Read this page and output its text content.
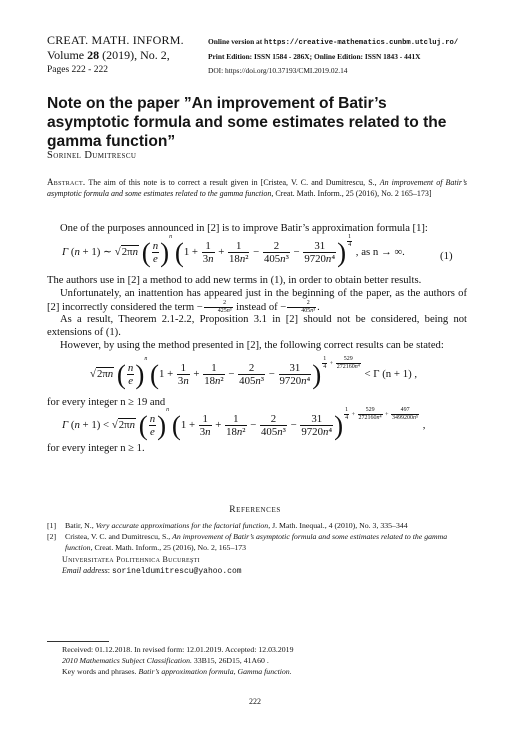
CREAT. MATH. INFORM.
Volume 28 (2019), No. 2,
Pages 222 - 222
Online version at https://creative-mathematics.cunbm.utcluj.ro/
Print Edition: ISSN 1584 - 286X; Online Edition: ISSN 1843 - 441X
DOI: https://doi.org/10.37193/CMI.2019.02.14
Note on the paper ”An improvement of Batir’s asymptotic formula and some estimates related to the gamma function”
Sorinel Dumitrescu
Abstract. The aim of this note is to correct a result given in [Cristea, V. C. and Dumitrescu, S., An improvement of Batir’s asymptotic formula and some estimates related to the gamma function, Creat. Math. Inform., 25 (2016), No. 2 165–173]
One of the purposes announced in [2] is to improve Batir’s approximation formula [1]:
Γ (n + 1) ∼ √2πn ( $\frac{n}{e} )^n$ ($1 + \frac{1}{3n} + \frac{1}{\text{18n²}} - \frac{2}{\text{405n³}} - \frac{31}{\text{9720n⁴}}$ ) $^{\frac{1}{4}}$
, as n → ∞.	(1)
The authors use in [2] a method to add new terms in (1), in order to obtain better results.
Unfortunately, an inattention has appeared just in the beginning of the paper, as the authors of [2] incorrectly considered the term − $\frac{2}{\text{425n³}}$ instead of − $\frac{2}{\text{405n³}}$ .
As a result, Theorem 2.1-2.2, Proposition 3.1 in [2] should not be considered, being not extensions of (1).
However, by using the method presented in [2], the following correct results can be stated:
√2πn ( $\frac{n}{e} )^n$ ($1 + \frac{1}{3n} + \frac{1}{\text{18n²}} - \frac{2}{\text{405n³}} - \frac{31}{\text{9720n⁴}}$ ) $^{\frac{1}{4} + \frac{529}{\text{272160n⁴}}}$
< Γ (n + 1) ,
for every integer n ≥ 19 and
Γ (n + 1) < √2πn ( $\frac{n}{e} )^n$ ($1 + \frac{1}{3n} + \frac{1}{\text{18n²}} - \frac{2}{\text{405n³}} - \frac{31}{\text{9720n⁴}}$ ) $^{\frac{1}{4} + \frac{529}{\text{272160n⁴}} + \frac{497}{\text{3499200n⁵}}}$
,
for every integer n ≥ 1.
References
[1] Batir, N., Very accurate approximations for the factorial function, J. Math. Inequal., 4 (2010), No. 3, 335–344
[2] Cristea, V. C. and Dumitrescu, S., An improvement of Batir’s asymptotic formula and some estimates related to the gamma function, Creat. Math. Inform., 25 (2016), No. 2, 165–173
Universitatea Politehnica Bucureşti
Email address: sorineldumitrescu@yahoo.com
Received: 01.12.2018. In revised form: 12.01.2019. Accepted: 12.03.2019
2010 Mathematics Subject Classification. 33B15, 26D15, 41A60 .
Key words and phrases. Batir’s approximation formula, Gamma function.
222
